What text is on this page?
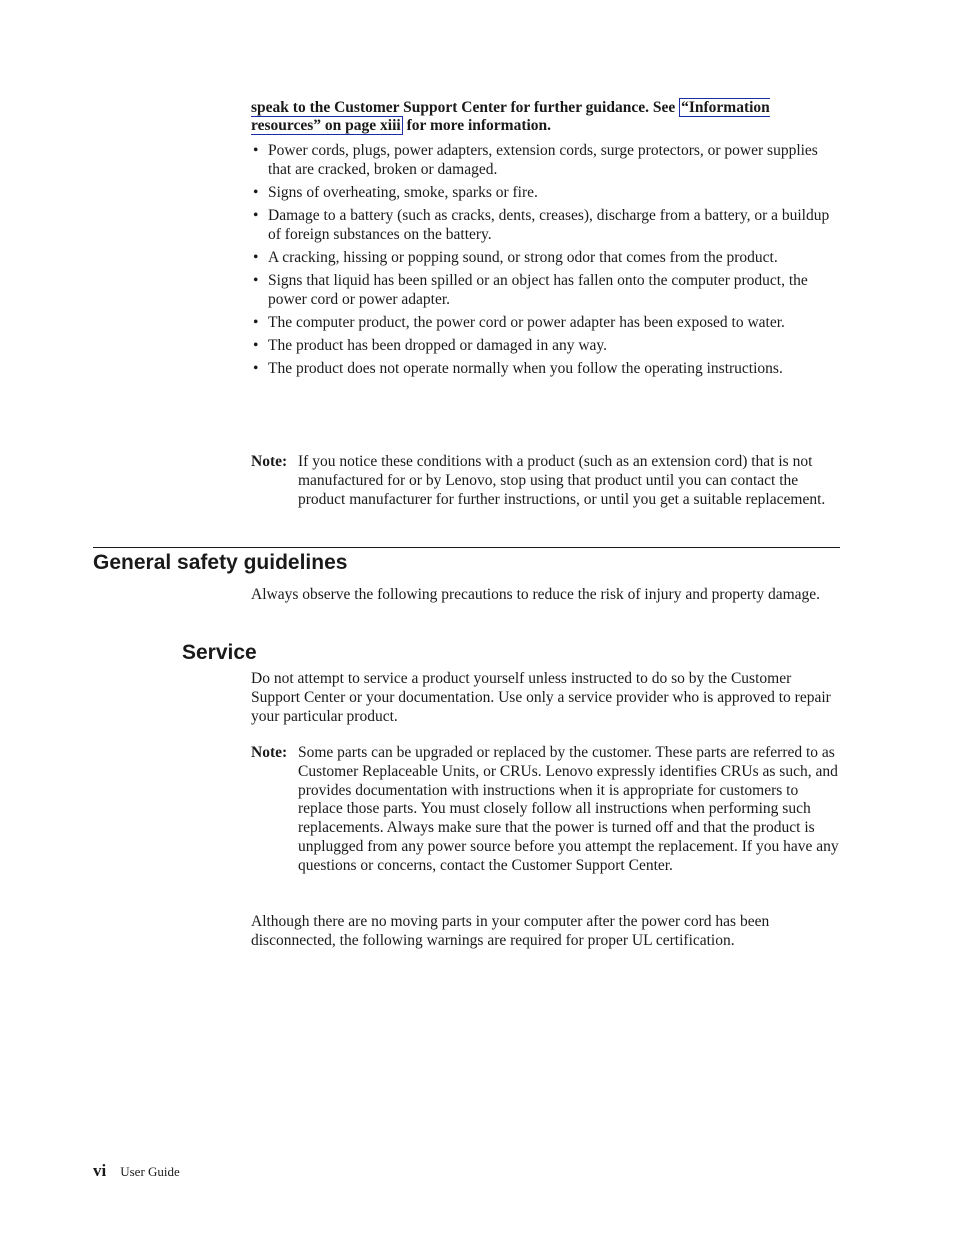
speak to the Customer Support Center for further guidance. See “Information resources” on page xiii for more information.
• Power cords, plugs, power adapters, extension cords, surge protectors, or power supplies that are cracked, broken or damaged.
• Signs of overheating, smoke, sparks or fire.
• Damage to a battery (such as cracks, dents, creases), discharge from a battery, or a buildup of foreign substances on the battery.
• A cracking, hissing or popping sound, or strong odor that comes from the product.
• Signs that liquid has been spilled or an object has fallen onto the computer product, the power cord or power adapter.
• The computer product, the power cord or power adapter has been exposed to water.
• The product has been dropped or damaged in any way.
• The product does not operate normally when you follow the operating instructions.
Note: If you notice these conditions with a product (such as an extension cord) that is not manufactured for or by Lenovo, stop using that product until you can contact the product manufacturer for further instructions, or until you get a suitable replacement.
General safety guidelines
Always observe the following precautions to reduce the risk of injury and property damage.
Service
Do not attempt to service a product yourself unless instructed to do so by the Customer Support Center or your documentation. Use only a service provider who is approved to repair your particular product.
Note: Some parts can be upgraded or replaced by the customer. These parts are referred to as Customer Replaceable Units, or CRUs. Lenovo expressly identifies CRUs as such, and provides documentation with instructions when it is appropriate for customers to replace those parts. You must closely follow all instructions when performing such replacements. Always make sure that the power is turned off and that the product is unplugged from any power source before you attempt the replacement. If you have any questions or concerns, contact the Customer Support Center.
Although there are no moving parts in your computer after the power cord has been disconnected, the following warnings are required for proper UL certification.
vi User Guide
